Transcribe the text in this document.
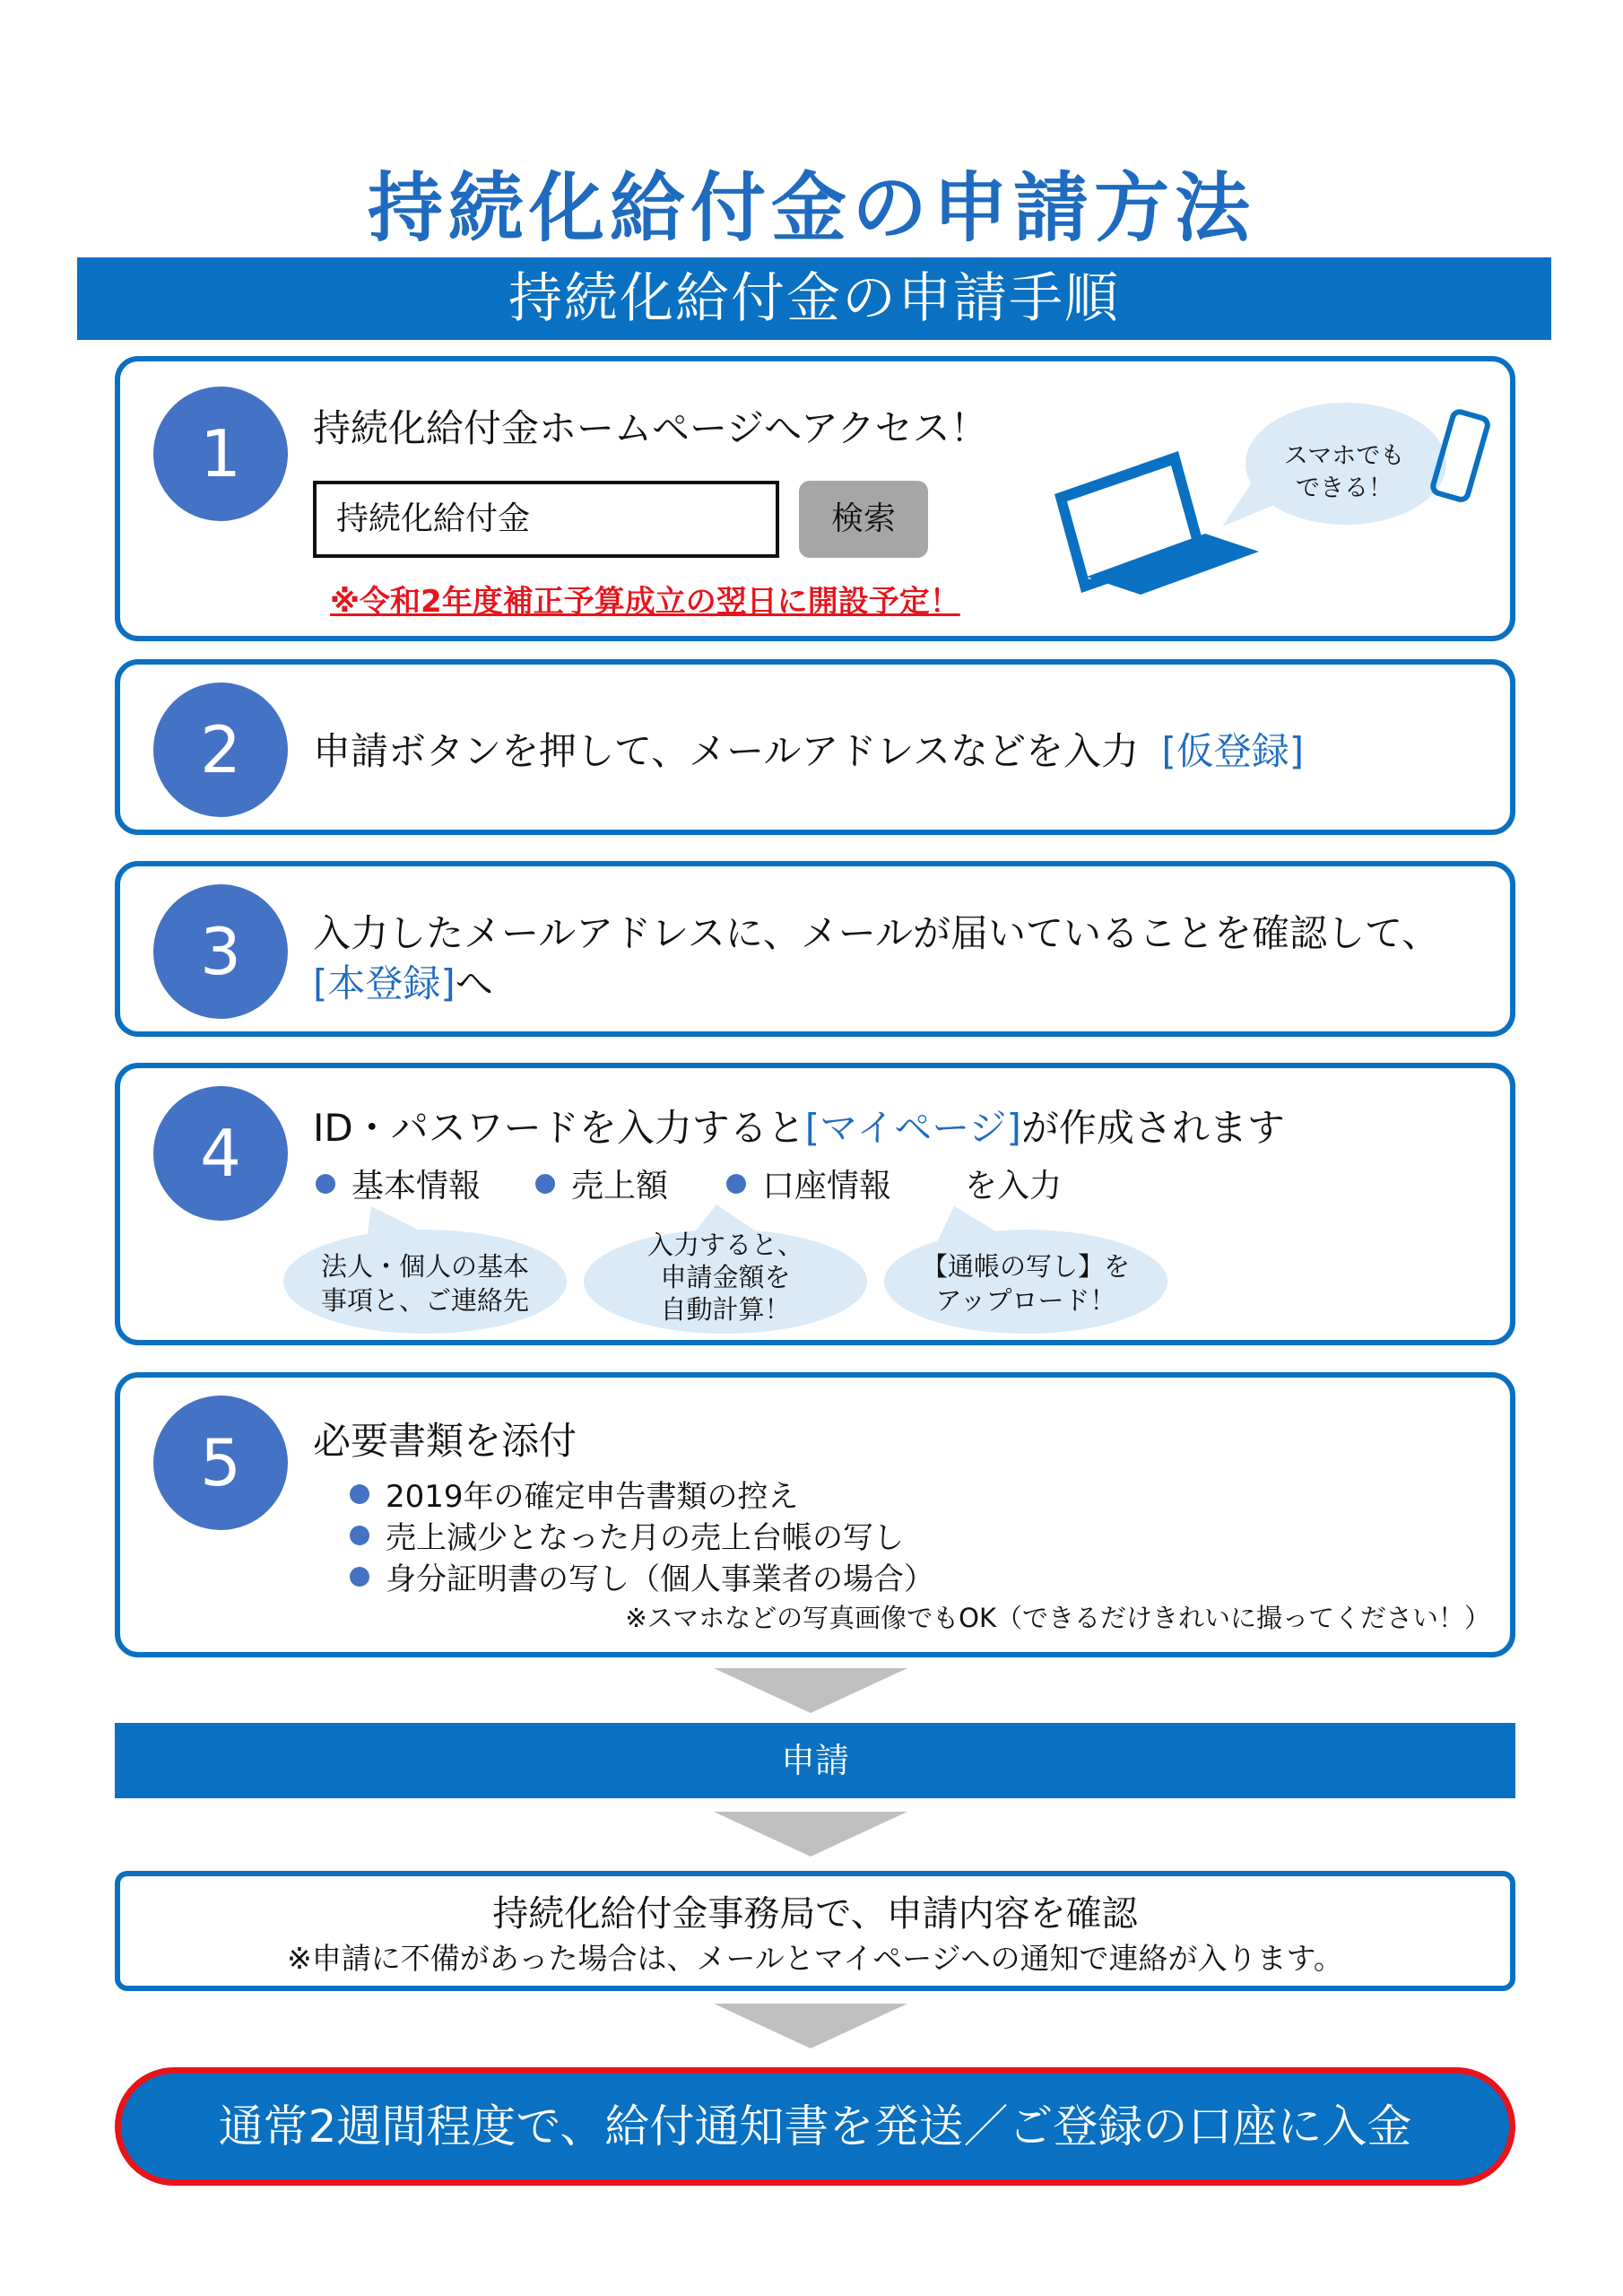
持続化給付金の申請方法
持続化給付金の申請手順
1	持続化給付金ホームページへアクセス！
持続化給付金	検索
※令和2年度補正予算成立の翌日に開設予定！
スマホでも
できる！
2	申請ボタンを押して、メールアドレスなどを入力 [仮登録]
3	入力したメールアドレスに、メールが届いていることを確認して、
[本登録]へ
4	ID・パスワードを入力すると[マイページ]が作成されます
基本情報	売上額	口座情報 を入力
法人・個人の基本
事項と、ご連絡先
入力すると、
申請金額を
自動計算！
【通帳の写し】を
アップロード！
5	必要書類を添付
2019年の確定申告書類の控え
売上減少となった月の売上台帳の写し
身分証明書の写し（個人事業者の場合）
※スマホなどの写真画像でもOK（できるだけきれいに撮ってください！）
申請
持続化給付金事務局で、申請内容を確認
※申請に不備があった場合は、メールとマイページへの通知で連絡が入ります。
通常2週間程度で、給付通知書を発送／ご登録の口座に入金
